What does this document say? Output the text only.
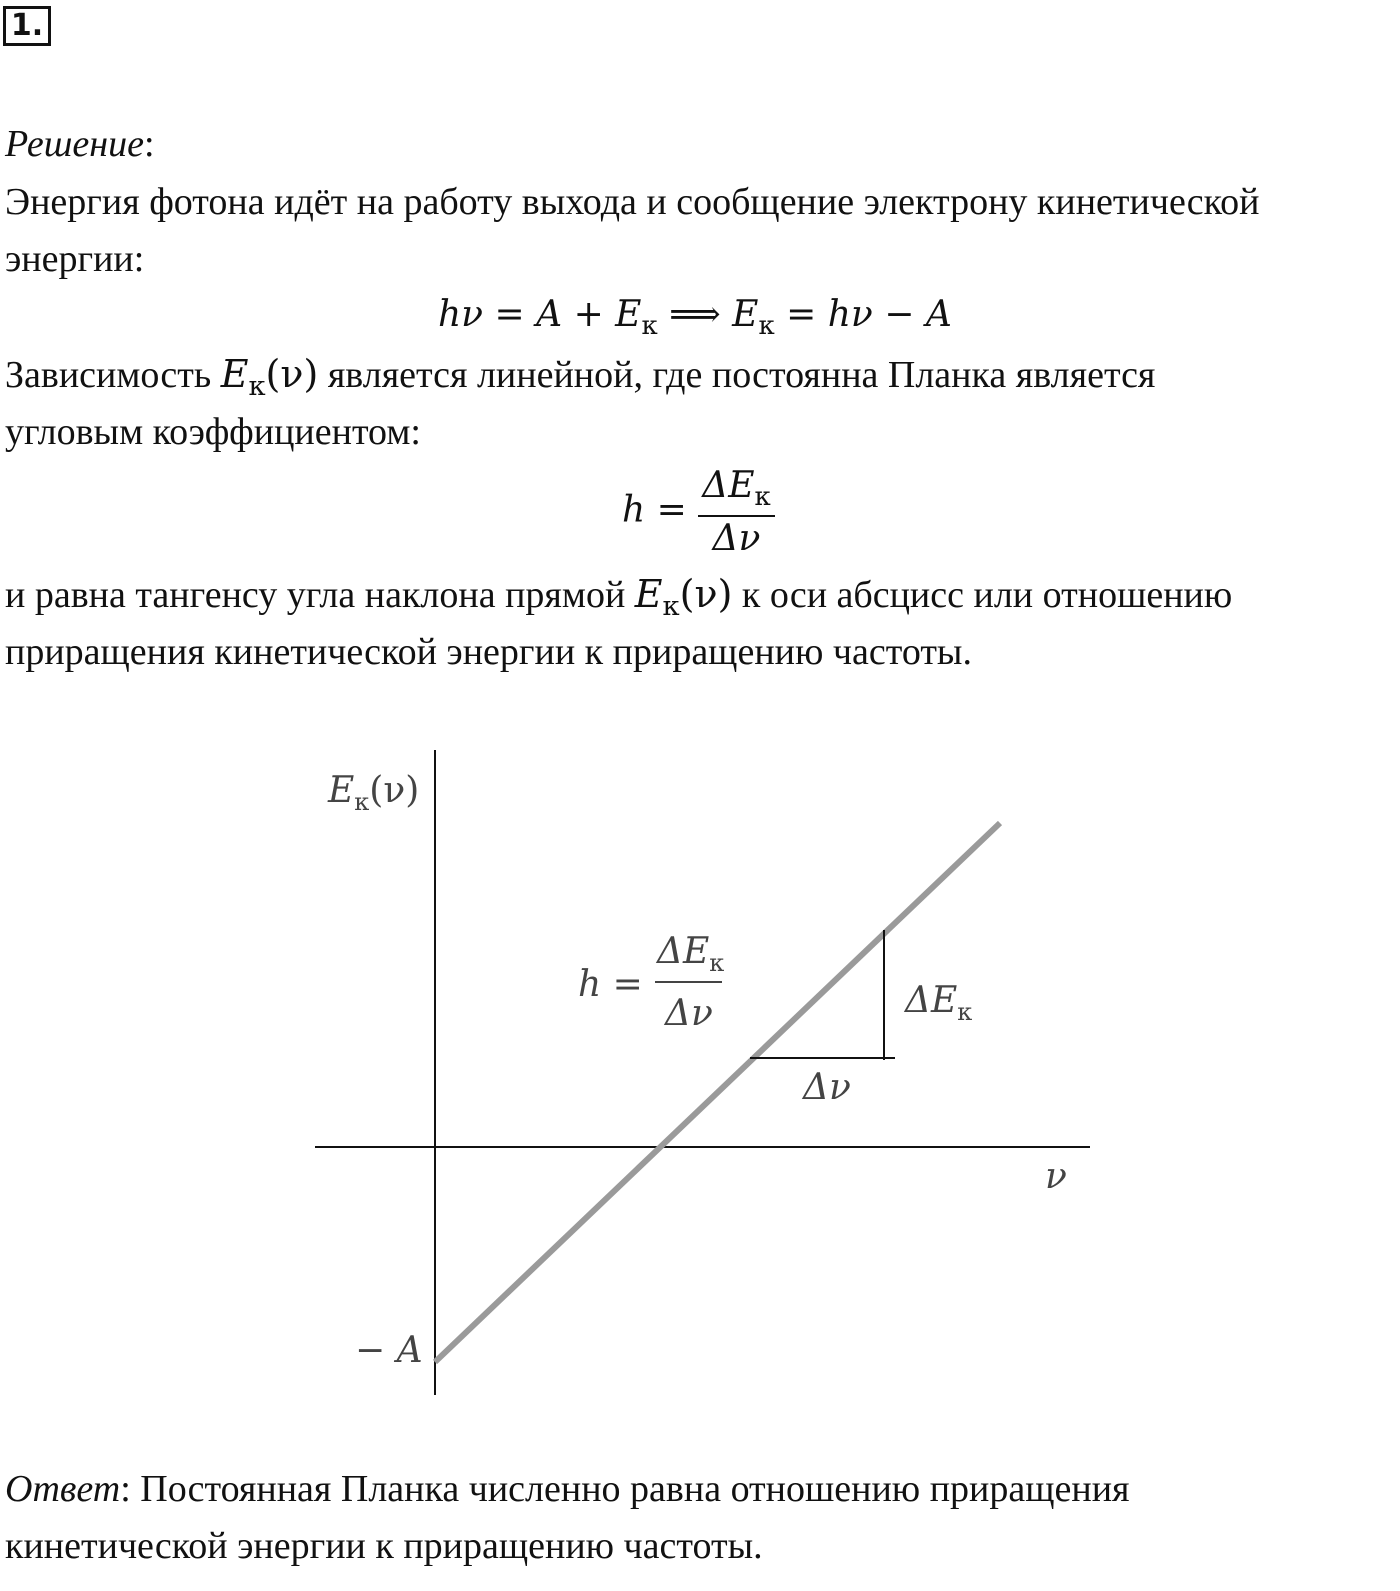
1.
Решение:
Энергия фотона идёт на работу выхода и сообщение электрону кинетической
энергии:
$h\nu = A + E_к$ ⟹ $E_к = h\nu - A$
Зависимость $E_к(\nu)$ является линейной, где постоянна Планка является
угловым коэффициентом:
$h = \frac{\Delta E_к}{\Delta\nu}$
и равна тангенсу угла наклона прямой $E_к(\nu)$ к оси абсцисс или отношению
приращения кинетической энергии к приращению частоты.
$E_к(\nu)$
ν
− A
h =
$\Delta E_к$
Δν	$\Delta E_к$
Δν
Ответ: Постоянная Планка численно равна отношению приращения
кинетической энергии к приращению частоты.
